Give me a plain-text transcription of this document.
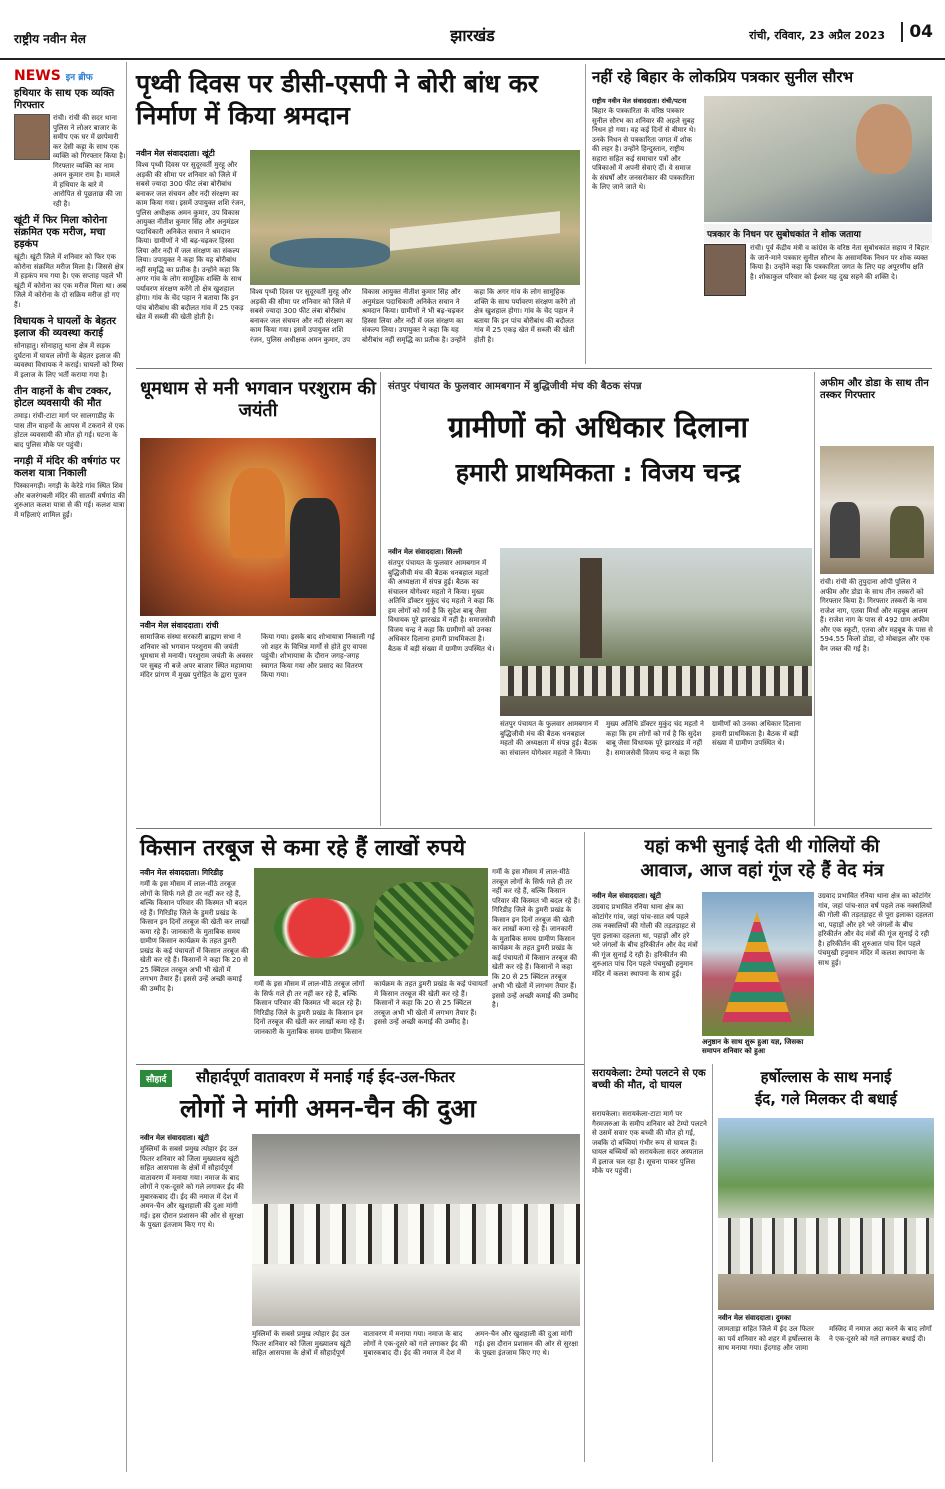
राष्ट्रीय नवीन मेल	झारखंड	रांची, रविवार, 23 अप्रैल 2023	04
NEWS इन ब्रीफ
हथियार के साथ एक व्यक्ति गिरफ्तार

रांची। रांची की सदर थाना पुलिस ने लोअर बाजार के समीप एक घर में छापेमारी कर देसी कट्टा के साथ एक व्यक्ति को गिरफ्तार किया है। गिरफ्तार व्यक्ति का नाम अमन कुमार राम है। मामले में हथियार के बारे में आरोपित से पूछताछ की जा रही है।

खूंटी में फिर मिला कोरोना संक्रमित एक मरीज, मचा हड़कंप

खूंटी। खूंटी जिले में शनिवार को फिर एक कोरोना संक्रमित मरीज मिला है। जिससे क्षेत्र में हड़कंप मच गया है। एक सप्ताह पहले भी खूंटी में कोरोना का एक मरीज मिला था। अब जिले में कोरोना के दो सक्रिय मरीज हो गए हैं।

विधायक ने घायलों के बेहतर इलाज की व्यवस्था कराई

सोनाहातु। सोनाहातु थाना क्षेत्र में सड़क दुर्घटना में घायल लोगों के बेहतर इलाज की व्यवस्था विधायक ने कराई। घायलों को रिम्स में इलाज के लिए भर्ती कराया गया है।

तीन वाहनों के बीच टक्कर, होटल व्यवसायी की मौत

तमाड़। रांची-टाटा मार्ग पर सालगाडीह के पास तीन वाहनों के आपस में टकराने से एक होटल व्यवसायी की मौत हो गई। घटना के बाद पुलिस मौके पर पहुंची।

नगड़ी में मंदिर की वर्षगांठ पर कलश यात्रा निकाली

पिस्कानगड़ी। नगड़ी के केरेडे गांव स्थित शिव और बजरंगबली मंदिर की सातवीं वर्षगांठ की शुरुआत कलश यात्रा से की गई। कलश यात्रा में महिलाएं शामिल हुईं।

पृथ्वी दिवस पर डीसी-एसपी ने बोरी बांध कर निर्माण में किया श्रमदान
नवीन मेल संवाददाता। खूंटी
विश्व पृथ्वी दिवस पर सुदूरवर्ती मुरहू और अड़की की सीमा पर शनिवार को जिले में सबसे ज्यादा 300 फीट लंबा बोरीबांध बनाकर जल संचयन और नदी संरक्षण का काम किया गया। इसमें उपायुक्त शशि रंजन, पुलिस अधीक्षक अमन कुमार, उप विकास आयुक्त नीतीश कुमार सिंह और अनुमंडल पदाधिकारी अनिकेत सचान ने श्रमदान किया। ग्रामीणों ने भी बढ़-चढ़कर हिस्सा लिया और नदी में जल संरक्षण का संकल्प लिया। उपायुक्त ने कहा कि यह बोरीबांध नहीं समृद्धि का प्रतीक है। उन्होंने कहा कि अगर गांव के लोग सामूहिक शक्ति के साथ पर्यावरण संरक्षण करेंगे तो क्षेत्र खुशहाल होगा। गांव के चेंद पहान ने बताया कि इन पांच बोरीबांध की बदौलत गांव में 25 एकड़ खेत में सब्जी की खेती होती है।
विश्व पृथ्वी दिवस पर सुदूरवर्ती मुरहू और अड़की की सीमा पर शनिवार को जिले में सबसे ज्यादा 300 फीट लंबा बोरीबांध बनाकर जल संचयन और नदी संरक्षण का काम किया गया। इसमें उपायुक्त शशि रंजन, पुलिस अधीक्षक अमन कुमार, उप विकास आयुक्त नीतीश कुमार सिंह और अनुमंडल पदाधिकारी अनिकेत सचान ने श्रमदान किया। ग्रामीणों ने भी बढ़-चढ़कर हिस्सा लिया और नदी में जल संरक्षण का संकल्प लिया। उपायुक्त ने कहा कि यह बोरीबांध नहीं समृद्धि का प्रतीक है। उन्होंने कहा कि अगर गांव के लोग सामूहिक शक्ति के साथ पर्यावरण संरक्षण करेंगे तो क्षेत्र खुशहाल होगा। गांव के चेंद पहान ने बताया कि इन पांच बोरीबांध की बदौलत गांव में 25 एकड़ खेत में सब्जी की खेती होती है।
नहीं रहे बिहार के लोकप्रिय पत्रकार सुनील सौरभ
राष्ट्रीय नवीन मेल संवाददाता। रांची/पटना
बिहार के पत्रकारिता के वरिष्ठ पत्रकार सुनील सौरभ का शनिवार की अहले सुबह निधन हो गया। वह कई दिनों से बीमार थे। उनके निधन से पत्रकारिता जगत में शोक की लहर है। उन्होंने हिन्दुस्तान, राष्ट्रीय सहारा सहित कई समाचार पत्रों और पत्रिकाओं में अपनी सेवाएं दीं। वे समाज के संघर्षों और जनसरोकार की पत्रकारिता के लिए जाने जाते थे।
पत्रकार के निधन पर सुबोधकांत ने शोक जताया
रांची। पूर्व केंद्रीय मंत्री व कांग्रेस के वरिष्ठ नेता सुबोधकांत सहाय ने बिहार के जाने-माने पत्रकार सुनील सौरभ के असामयिक निधन पर शोक व्यक्त किया है। उन्होंने कहा कि पत्रकारिता जगत के लिए यह अपूरणीय क्षति है। शोकाकुल परिवार को ईश्वर यह दुख सहने की शक्ति दे।
धूमधाम से मनी भगवान परशुराम की जयंती
नवीन मेल संवाददाता। रांची
सामाजिक संस्था सरकारी ब्राह्मण सभा ने शनिवार को भगवान परशुराम की जयंती धूमधाम से मनायी। परशुराम जयंती के अवसर पर सुबह नौ बजे अपर बाजार स्थित महामाया मंदिर प्रांगण में मुख्य पुरोहित के द्वारा पूजन किया गया। इसके बाद शोभायात्रा निकाली गई जो शहर के विभिन्न मार्गों से होते हुए वापस पहुंची। शोभायात्रा के दौरान जगह-जगह स्वागत किया गया और प्रसाद का वितरण किया गया।
संतपुर पंचायत के फुलवार आमबगान में बुद्धिजीवी मंच की बैठक संपन्न
ग्रामीणों को अधिकार दिलाना
हमारी प्राथमिकता : विजय चन्द्र
नवीन मेल संवाददाता। सिल्ली
संतपुर पंचायत के फुलवार आमबगान में बुद्धिजीवी मंच की बैठक धनबहाल महतो की अध्यक्षता में संपन्न हुई। बैठक का संचालन योगेश्वर महतो ने किया। मुख्य अतिथि डॉक्टर मुकुंद चंद महतो ने कहा कि हम लोगों को गर्व है कि सुदेश बाबू जैसा विधायक पूरे झारखंड में नहीं है। समाजसेवी विजय चन्द्र ने कहा कि ग्रामीणों को उनका अधिकार दिलाना हमारी प्राथमिकता है। बैठक में बड़ी संख्या में ग्रामीण उपस्थित थे।
संतपुर पंचायत के फुलवार आमबगान में बुद्धिजीवी मंच की बैठक धनबहाल महतो की अध्यक्षता में संपन्न हुई। बैठक का संचालन योगेश्वर महतो ने किया। मुख्य अतिथि डॉक्टर मुकुंद चंद महतो ने कहा कि हम लोगों को गर्व है कि सुदेश बाबू जैसा विधायक पूरे झारखंड में नहीं है। समाजसेवी विजय चन्द्र ने कहा कि ग्रामीणों को उनका अधिकार दिलाना हमारी प्राथमिकता है। बैठक में बड़ी संख्या में ग्रामीण उपस्थित थे।
अफीम और डोडा के साथ तीन तस्कर गिरफ्तार
रांची। रांची की तुपुदाना ओपी पुलिस ने अफीम और डोडा के साथ तीन तस्करों को गिरफ्तार किया है। गिरफ्तार तस्करों के नाम राजेश नाग, एतवा मिर्धा और महबूब आलम हैं। राजेश नाग के पास से 492 ग्राम अफीम और एक स्कूटी, एतवा और महबूब के पास से 594.55 किलो डोडा, दो मोबाइल और एक वैन जब्त की गई है।
किसान तरबूज से कमा रहे हैं लाखों रुपये
नवीन मेल संवाददाता। गिरिडीह
गर्मी के इस मौसम में लाल-मीठे तरबूज लोगों के सिर्फ गले ही तर नहीं कर रहे हैं, बल्कि किसान परिवार की किस्मत भी बदल रहे हैं। गिरिडीह जिले के डुमरी प्रखंड के किसान इन दिनों तरबूज की खेती कर लाखों कमा रहे हैं। जानकारी के मुताबिक समय ग्रामीण किसान कार्यक्रम के तहत डुमरी प्रखंड के कई पंचायतों में किसान तरबूज की खेती कर रहे हैं। किसानों ने कहा कि 20 से 25 क्विंटल तरबूज अभी भी खेतों में लगभग तैयार हैं। इससे उन्हें अच्छी कमाई की उम्मीद है।
गर्मी के इस मौसम में लाल-मीठे तरबूज लोगों के सिर्फ गले ही तर नहीं कर रहे हैं, बल्कि किसान परिवार की किस्मत भी बदल रहे हैं। गिरिडीह जिले के डुमरी प्रखंड के किसान इन दिनों तरबूज की खेती कर लाखों कमा रहे हैं। जानकारी के मुताबिक समय ग्रामीण किसान कार्यक्रम के तहत डुमरी प्रखंड के कई पंचायतों में किसान तरबूज की खेती कर रहे हैं। किसानों ने कहा कि 20 से 25 क्विंटल तरबूज अभी भी खेतों में लगभग तैयार हैं। इससे उन्हें अच्छी कमाई की उम्मीद है।
गर्मी के इस मौसम में लाल-मीठे तरबूज लोगों के सिर्फ गले ही तर नहीं कर रहे हैं, बल्कि किसान परिवार की किस्मत भी बदल रहे हैं। गिरिडीह जिले के डुमरी प्रखंड के किसान इन दिनों तरबूज की खेती कर लाखों कमा रहे हैं। जानकारी के मुताबिक समय ग्रामीण किसान कार्यक्रम के तहत डुमरी प्रखंड के कई पंचायतों में किसान तरबूज की खेती कर रहे हैं। किसानों ने कहा कि 20 से 25 क्विंटल तरबूज अभी भी खेतों में लगभग तैयार हैं। इससे उन्हें अच्छी कमाई की उम्मीद है।
यहां कभी सुनाई देती थी गोलियों की
आवाज, आज वहां गूंज रहे हैं वेद मंत्र
नवीन मेल संवाददाता। खूंटी
उग्रवाद प्रभावित रनिया थाना क्षेत्र का कोटांगेर गांव, जहां पांच-सात वर्ष पहले तक नक्सलियों की गोली की तड़तड़ाहट से पूरा इलाका दहलता था, पहाड़ों और हरे भरे जंगलों के बीच हरिकीर्तन और वेद मंत्रों की गूंज सुनाई दे रही है। हरिकीर्तन की शुरुआत पांच दिन पहले पंचमुखी हनुमान मंदिर में कलश स्थापना के साथ हुई।
अनुष्ठान के साथ शुरू हुआ यज्ञ, जिसका समापन शनिवार को हुआ
उग्रवाद प्रभावित रनिया थाना क्षेत्र का कोटांगेर गांव, जहां पांच-सात वर्ष पहले तक नक्सलियों की गोली की तड़तड़ाहट से पूरा इलाका दहलता था, पहाड़ों और हरे भरे जंगलों के बीच हरिकीर्तन और वेद मंत्रों की गूंज सुनाई दे रही है। हरिकीर्तन की शुरुआत पांच दिन पहले पंचमुखी हनुमान मंदिर में कलश स्थापना के साथ हुई।
सौहार्द	सौहार्दपूर्ण वातावरण में मनाई गई ईद-उल-फितर
लोगों ने मांगी अमन-चैन की दुआ
नवीन मेल संवाददाता। खूंटी
मुस्लिमों के सबसे प्रमुख त्योहार ईद उल फितर शनिवार को जिला मुख्यालय खूंटी सहित आसपास के क्षेत्रों में सौहार्दपूर्ण वातावरण में मनाया गया। नमाज के बाद लोगों ने एक-दूसरे को गले लगाकर ईद की मुबारकबाद दी। ईद की नमाज में देश में अमन-चैन और खुशहाली की दुआ मांगी गई। इस दौरान प्रशासन की ओर से सुरक्षा के पुख्ता इंतजाम किए गए थे।
मुस्लिमों के सबसे प्रमुख त्योहार ईद उल फितर शनिवार को जिला मुख्यालय खूंटी सहित आसपास के क्षेत्रों में सौहार्दपूर्ण वातावरण में मनाया गया। नमाज के बाद लोगों ने एक-दूसरे को गले लगाकर ईद की मुबारकबाद दी। ईद की नमाज में देश में अमन-चैन और खुशहाली की दुआ मांगी गई। इस दौरान प्रशासन की ओर से सुरक्षा के पुख्ता इंतजाम किए गए थे।
सरायकेला: टेम्पो पलटने से एक बच्ची की मौत, दो घायल
सरायकेला। सरायकेला-टाटा मार्ग पर गैरमजरुआ के समीप शनिवार को टेम्पो पलटने से उसमें सवार एक बच्ची की मौत हो गई, जबकि दो बच्चियां गंभीर रूप से घायल हैं। घायल बच्चियों को सरायकेला सदर अस्पताल में इलाज चल रहा है। सूचना पाकर पुलिस मौके पर पहुंची।
हर्षोल्लास के साथ मनाई
ईद, गले मिलकर दी बधाई
नवीन मेल संवाददाता। दुमका
जामताड़ा सहित जिले में ईद उल फितर का पर्व शनिवार को शहर में हर्षोल्लास के साथ मनाया गया। ईदगाह और जामा मस्जिद में नमाज अदा करने के बाद लोगों ने एक-दूसरे को गले लगाकर बधाई दी।
